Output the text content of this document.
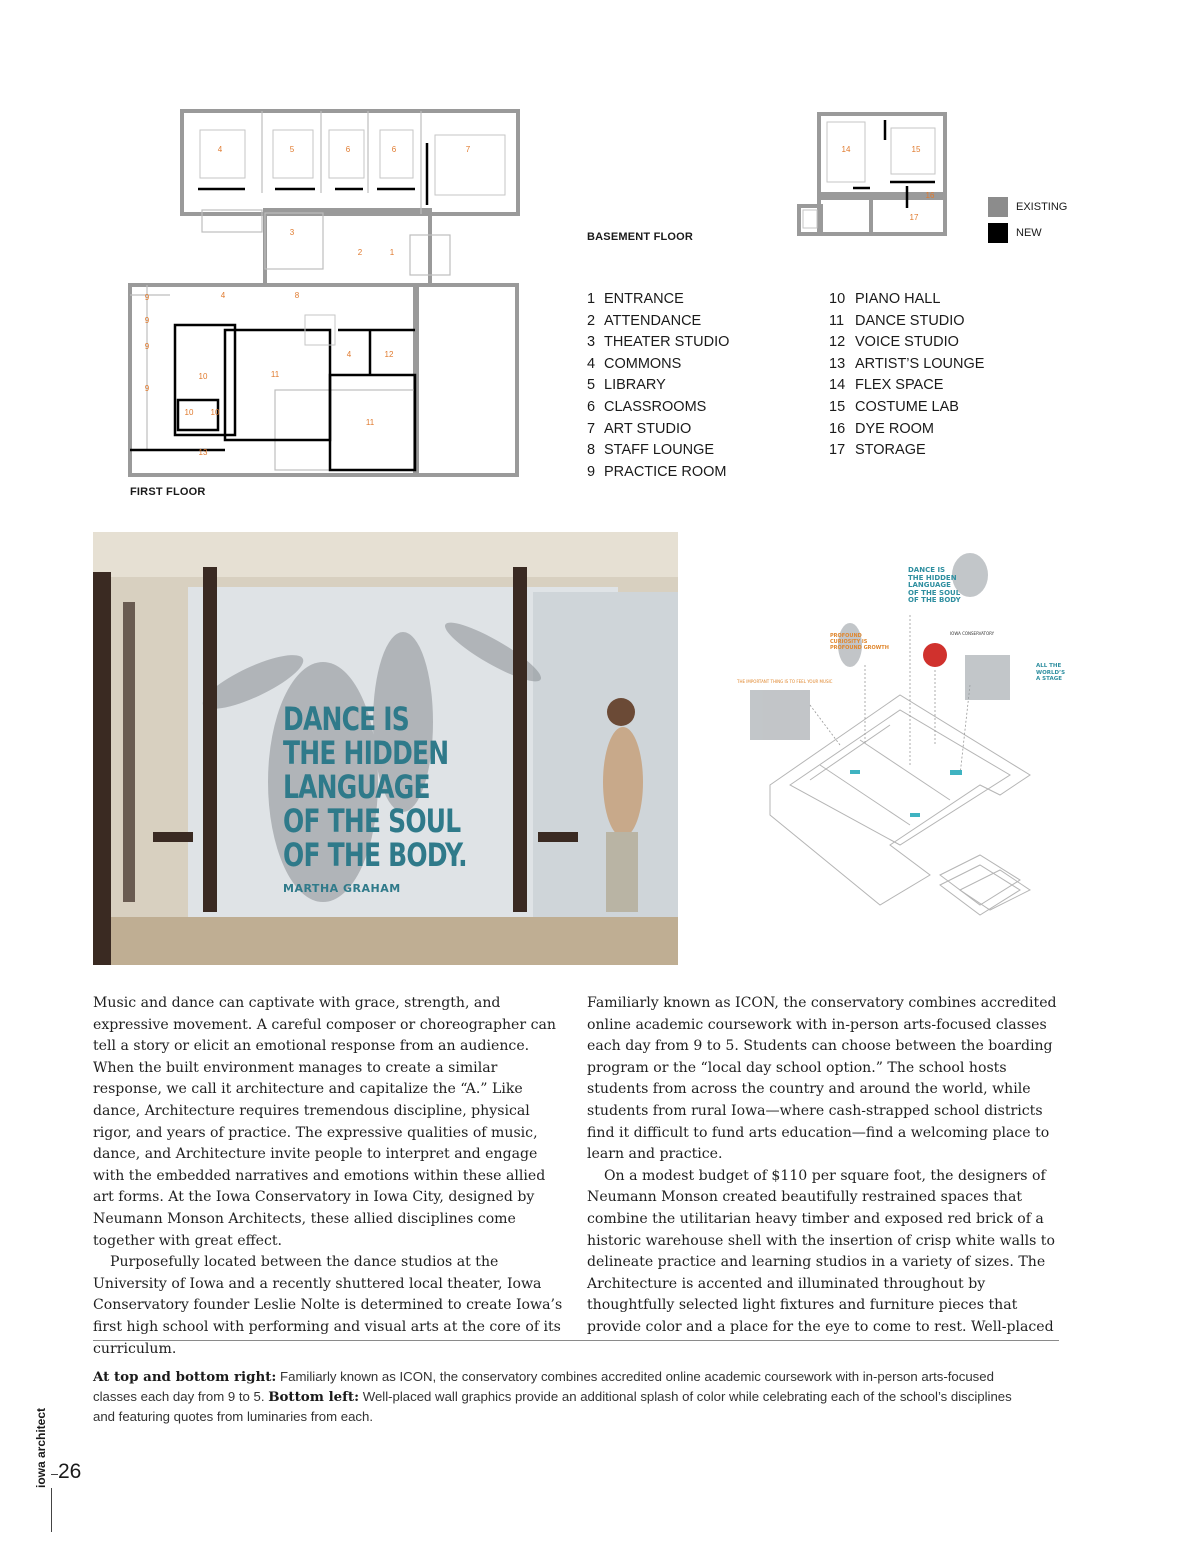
4	5	6	6	7
3
2	1
9	4	8
9
9
9
10	11
4	12
10 10
11
13
FIRST FLOOR
14	15
16
17
BASEMENT FLOOR
EXISTING
NEW
1 ENTRANCE
2 ATTENDANCE
3 THEATER STUDIO
4 COMMONS
5 LIBRARY
6 CLASSROOMS
7 ART STUDIO
8 STAFF LOUNGE
9 PRACTICE ROOM
10 PIANO HALL
11 DANCE STUDIO
12 VOICE STUDIO
13 ARTIST’S LOUNGE
14 FLEX SPACE
15 COSTUME LAB
16 DYE ROOM
17 STORAGE
DANCE IS
THE HIDDEN
LANGUAGE
OF THE SOUL
OF THE BODY.
MARTHA GRAHAM
DANCE IS
THE HIDDEN
LANGUAGE
OF THE SOUL
OF THE BODY
PROFOUND
CURIOSITY IS
PROFOUND GROWTH
ALL THE
WORLD’S
A STAGE
THE IMPORTANT THING IS TO FEEL YOUR MUSIC
IOWA CONSERVATORY

Music and dance can captivate with grace, strength, and expressive movement. A careful composer or choreographer can tell a story or elicit an emotional response from an audience. When the built environment manages to create a similar response, we call it architecture and capitalize the “A.” Like dance, Architecture requires tremendous discipline, physical rigor, and years of practice. The expressive qualities of music, dance, and Architecture invite people to interpret and engage with the embedded narratives and emotions within these allied art forms. At the Iowa Conservatory in Iowa City, designed by Neumann Monson Architects, these allied disciplines come together with great effect.

Purposefully located between the dance studios at the University of Iowa and a recently shuttered local theater, Iowa Conservatory founder Leslie Nolte is determined to create Iowa’s first high school with performing and visual arts at the core of its curriculum.

Familiarly known as ICON, the conservatory combines accredited online academic coursework with in-person arts-focused classes each day from 9 to 5. Students can choose between the boarding program or the “local day school option.” The school hosts students from across the country and around the world, while students from rural Iowa—where cash-strapped school districts find it difficult to fund arts education—find a welcoming place to learn and practice.

On a modest budget of $110 per square foot, the designers of Neumann Monson created beautifully restrained spaces that combine the utilitarian heavy timber and exposed red brick of a historic warehouse shell with the insertion of crisp white walls to delineate practice and learning studios in a variety of sizes. The Architecture is accented and illuminated throughout by thoughtfully selected light fixtures and furniture pieces that provide color and a place for the eye to come to rest. Well-placed

At top and bottom right: Familiarly known as ICON, the conservatory combines accredited online academic coursework with in-person arts-focused classes each day from 9 to 5. Bottom left: Well-placed wall graphics provide an additional splash of color while celebrating each of the school’s disciplines and featuring quotes from luminaries from each.
iowa architect 26
